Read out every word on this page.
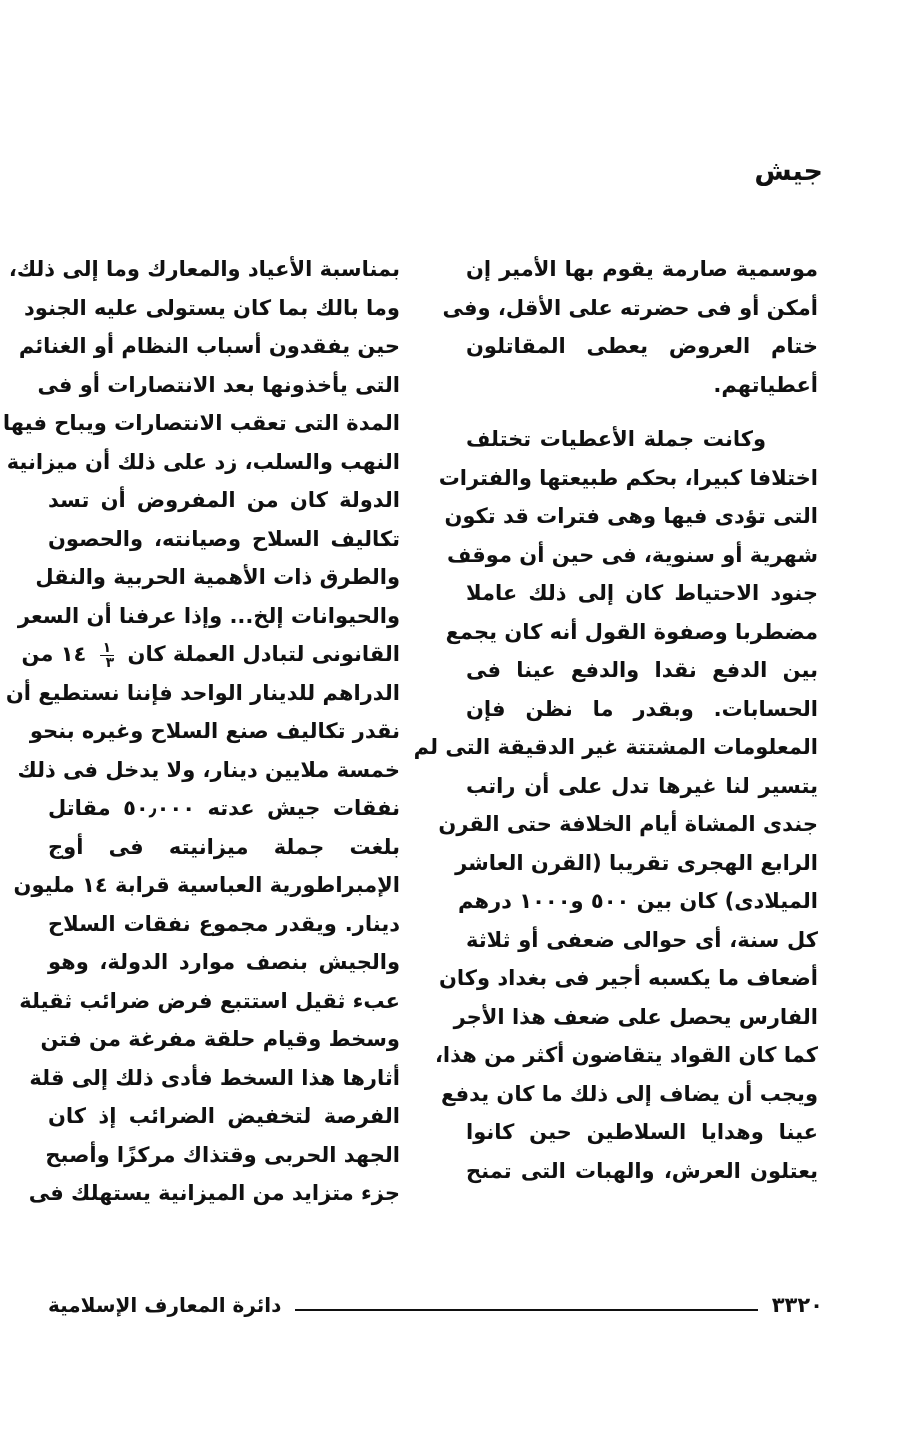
جيش
موسمية صارمة يقوم بها الأمير إن
أمكن أو فى حضرته على الأقل، وفى
ختام العروض يعطى المقاتلون
أعطياتهم.
وكانت جملة الأعطيات تختلف
اختلافا كبيرا، بحكم طبيعتها والفترات
التى تؤدى فيها وهى فترات قد تكون
شهرية أو سنوية، فى حين أن موقف
جنود الاحتياط كان إلى ذلك عاملا
مضطربا وصفوة القول أنه كان يجمع
بين الدفع نقدا والدفع عينا فى
الحسابات. وبقدر ما نظن فإن
المعلومات المشتتة غير الدقيقة التى لم
يتسير لنا غيرها تدل على أن راتب
جندى المشاة أيام الخلافة حتى القرن
الرابع الهجرى تقريبا (القرن العاشر
الميلادى) كان بين ٥٠٠ و١٠٠٠ درهم
كل سنة، أى حوالى ضعفى أو ثلاثة
أضعاف ما يكسبه أجير فى بغداد وكان
الفارس يحصل على ضعف هذا الأجر
كما كان القواد يتقاضون أكثر من هذا،
ويجب أن يضاف إلى ذلك ما كان يدفع
عينا وهدايا السلاطين حين كانوا
يعتلون العرش، والهبات التى تمنح
بمناسبة الأعياد والمعارك وما إلى ذلك،
وما بالك بما كان يستولى عليه الجنود
حين يفقدون أسباب النظام أو الغنائم
التى يأخذونها بعد الانتصارات أو فى
المدة التى تعقب الانتصارات ويباح فيها
النهب والسلب، زد على ذلك أن ميزانية
الدولة كان من المفروض أن تسد
تكاليف السلاح وصيانته، والحصون
والطرق ذات الأهمية الحربية والنقل
والحيوانات إلخ... وإذا عرفنا أن السعر
القانونى لتبادل العملة كان
$\frac{١}{٣}$
١٤ من
الدراهم للدينار الواحد فإننا نستطيع أن
نقدر تكاليف صنع السلاح وغيره بنحو
خمسة ملايين دينار، ولا يدخل فى ذلك
نفقات جيش عدته ٥٠٫٠٠٠ مقاتل
بلغت جملة ميزانيته فى أوج
الإمبراطورية العباسية قرابة ١٤ مليون
دينار. ويقدر مجموع نفقات السلاح
والجيش بنصف موارد الدولة، وهو
عبء ثقيل استتبع فرض ضرائب ثقيلة
وسخط وقيام حلقة مفرغة من فتن
أثارها هذا السخط فأدى ذلك إلى قلة
الفرصة لتخفيض الضرائب إذ كان
الجهد الحربى وقتذاك مركزًا وأصبح
جزء متزايد من الميزانية يستهلك فى
٣٣٢٠
دائرة المعارف الإسلامية
